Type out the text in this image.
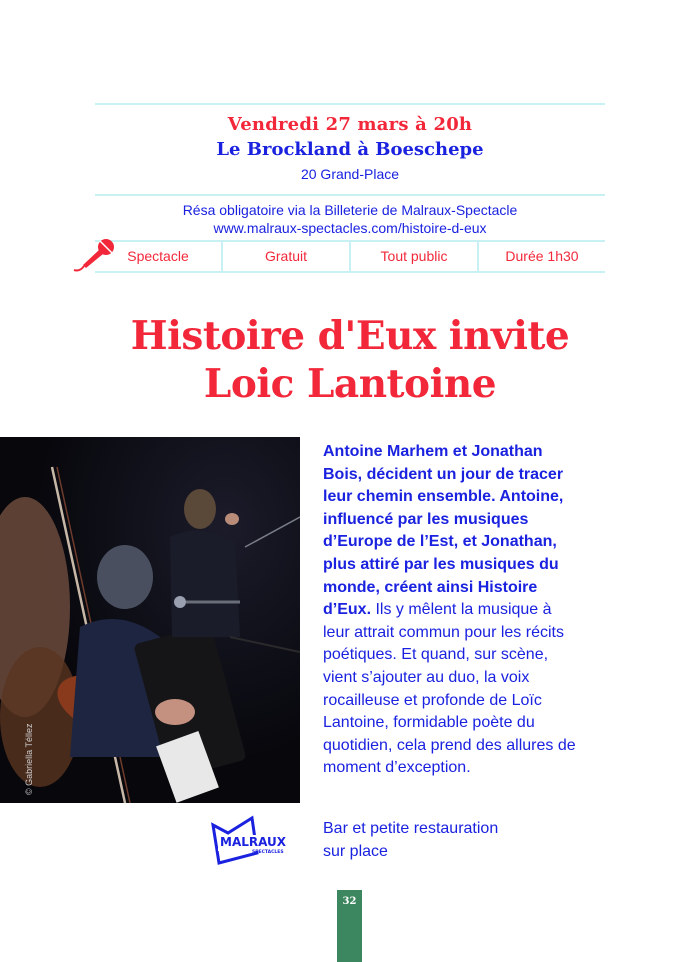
Vendredi 27 mars à 20h
Le Brockland à Boeschepe
20 Grand-Place
Résa obligatoire via la Billeterie de Malraux-Spectacle
www.malraux-spectacles.com/histoire-d-eux
Spectacle	Gratuit	Tout public	Durée 1h30
Histoire d'Eux invite
Loic Lantoine
© Gabriella Téllez
Antoine Marhem et Jonathan Bois, décident un jour de tracer leur chemin ensemble. Antoine, influencé par les musiques d’Europe de l’Est, et Jonathan, plus attiré par les musiques du monde, créent ainsi Histoire d’Eux. Ils y mêlent la musique à leur attrait commun pour les récits poétiques. Et quand, sur scène, vient s’ajouter au duo, la voix rocailleuse et profonde de Loïc Lantoine, formidable poète du quotidien, cela prend des allures de moment d’exception.
MALRAUX
SPECTACLES
Bar et petite restauration
sur place
32
